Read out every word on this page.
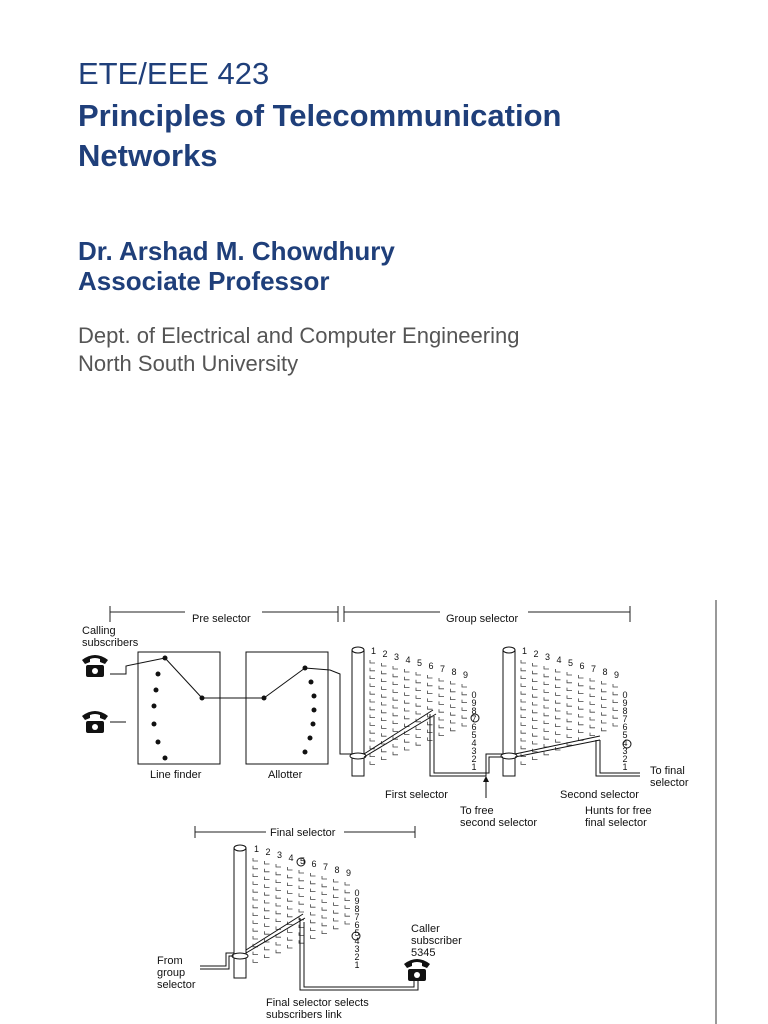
ETE/EEE 423
Principles of Telecommunication
Networks
Dr. Arshad M. Chowdhury
Associate Professor
Dept. of Electrical and Computer Engineering
North South University
Pre selector	Group selector
Calling
subscribers
Line finder	Allotter
1 2 3 4 5 6 7 8 9
0
9
8
7
6
5
4
3
2
1
1 2 3 4 5 6 7 8 9
0
9
8
7
6
5
4
3
2
1
1 2 3 4 5 6 7 8 9
0
9
8
7
6
5
4
3
2
1
First selector
To free
second selector
Second selector
Hunts for free
final selector
To final
selector
Final selector
From
group
selector
Caller
subscriber
5345
Final selector selects
subscribers link
